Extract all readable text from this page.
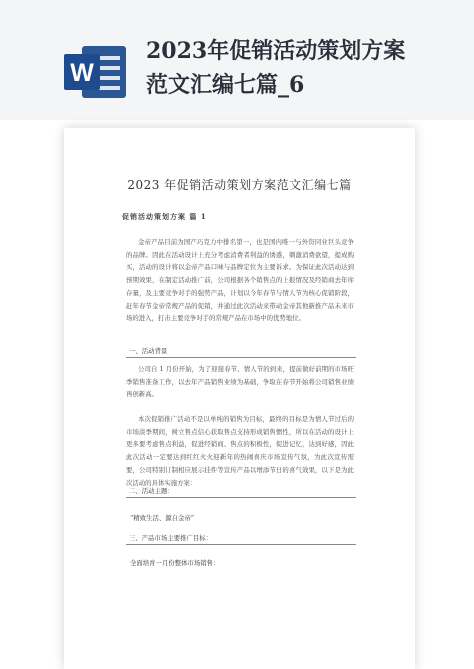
W
2023年促销活动策划方案
范文汇编七篇_6
2023 年促销活动策划方案范文汇编七篇
促销活动策划方案 篇 1
金帝产品目前为国产巧克力中排名第一，也是国内唯一与外资同业巨头竞争的品牌。因此在活动设计上充分考虑消费者利益的诱惑，刺激消费欲望，提成购买，活动的设计将以金帝产品口味与品牌定位为主要诉求。为保证此次活动达到预期效果，在制定活动推广前，公司根据各个销售点的上报情况及经销商去年库存量，及主要竞争对手的强势产品，计划以今年春节与情人节为核心促销阶段，赶年春节金帝常规产品的促销，并通过此次活动来带动金帝其他新推产品未来市场的进入，打击主要竞争对手的常规产品在市场中的优势地位。
一、活动背景
公司自 1 月份开始，为了迎接春节、情人节的到来，提前做好前期的市场旺季销售准备工作，以去年产品销售业绩为基础，争取在春节开始将公司销售业绩再创新高。
本次促销推广活动不是以单纯的销售为目标，最终的目标是为情人节过后的市场淡季期间，树立售点信心获取售点支持形成销售惯性，所以在活动的设计上更多要考虑售点利益，促进经销商、售点的积极性，促进记忆，达到好感，因此此次活动一定要达到红红火火迎新年的热闹喜庆市场宣传气氛，为此次宣传需要，公司特别订制相应展示挂件等宣传产品以增添节日的喜气效果，以下是为此次活动的具体实施方案：
二、活动主题：
“精致生活、源自金帝”
三、产品市场主要推广目标：
全面培育一月份整体市场销售：
